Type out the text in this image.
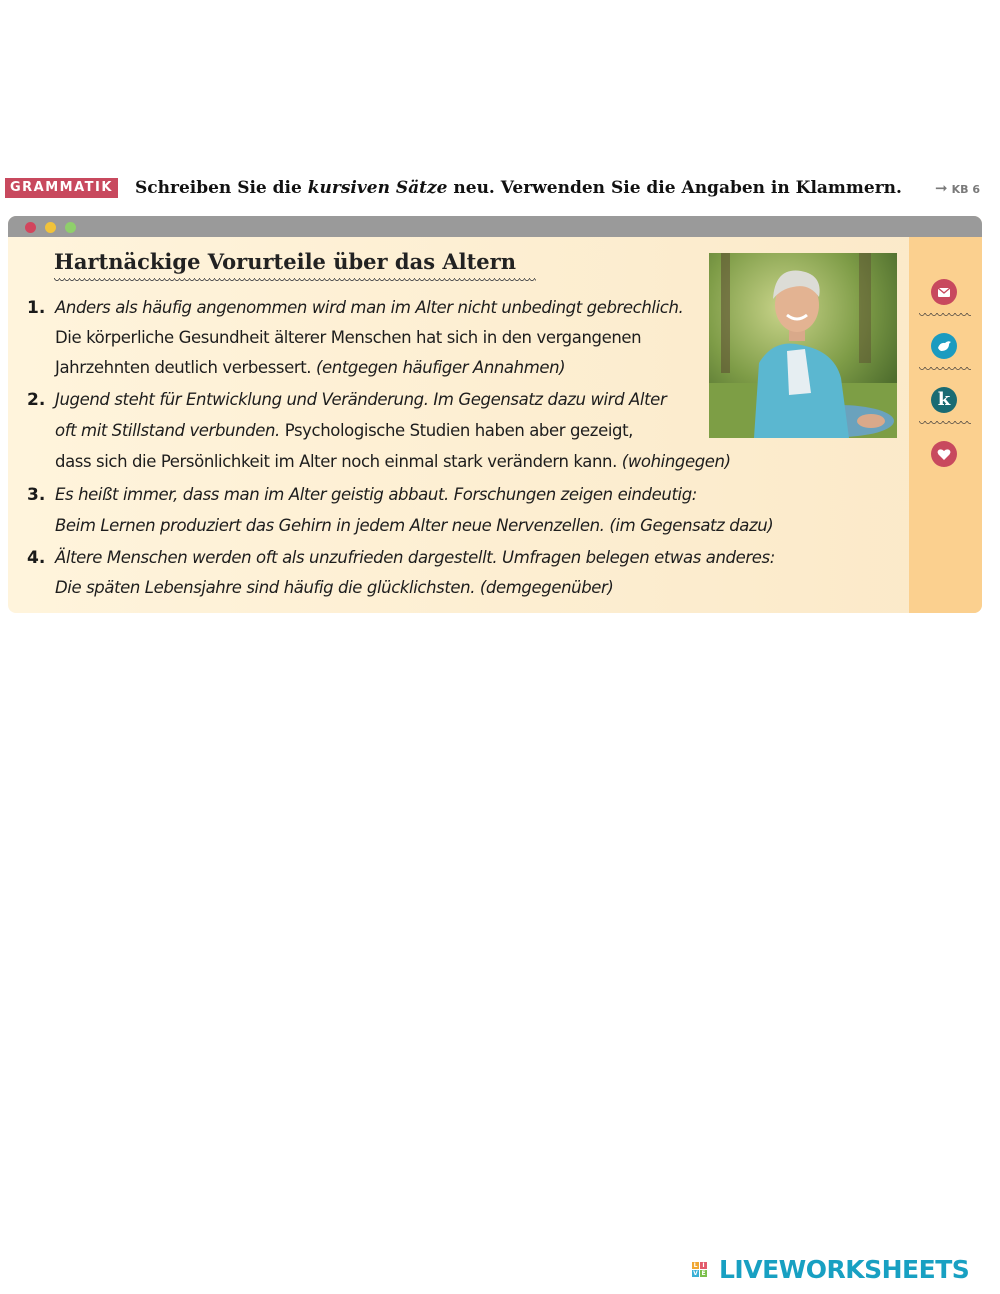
GRAMMATIK Schreiben Sie die kursiven Sätze neu. Verwenden Sie die Angaben in Klammern. ➞ KB 6
Hartnäckige Vorurteile über das Altern
1. Anders als häufig angenommen wird man im Alter nicht unbedingt gebrechlich.
Die körperliche Gesundheit älterer Menschen hat sich in den vergangenen
Jahrzehnten deutlich verbessert. (entgegen häufiger Annahmen)
2. Jugend steht für Entwicklung und Veränderung. Im Gegensatz dazu wird Alter
oft mit Stillstand verbunden. Psychologische Studien haben aber gezeigt,
dass sich die Persönlichkeit im Alter noch einmal stark verändern kann. (wohingegen)
3. Es heißt immer, dass man im Alter geistig abbaut. Forschungen zeigen eindeutig:
Beim Lernen produziert das Gehirn in jedem Alter neue Nervenzellen. (im Gegensatz dazu)
4. Ältere Menschen werden oft als unzufrieden dargestellt. Umfragen belegen etwas anderes:
Die späten Lebensjahre sind häufig die glücklichsten. (demgegenüber)
k
L I
V E LIVEWORKSHEETS
